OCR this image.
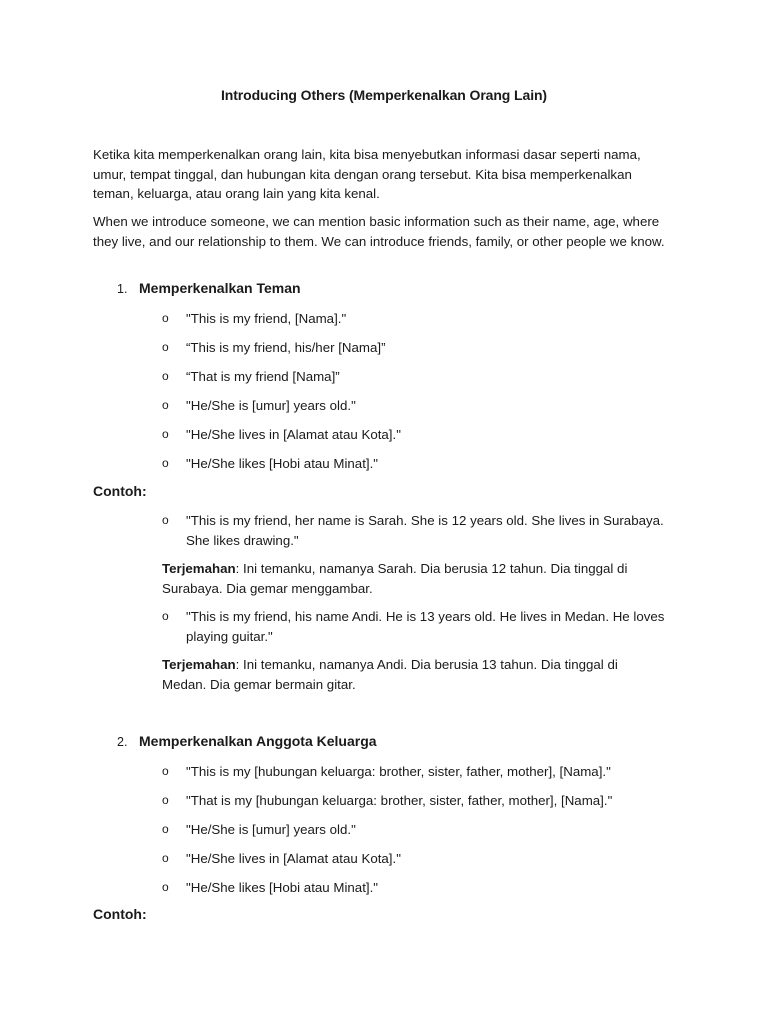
Introducing Others (Memperkenalkan Orang Lain)

Ketika kita memperkenalkan orang lain, kita bisa menyebutkan informasi dasar seperti nama, umur, tempat tinggal, dan hubungan kita dengan orang tersebut. Kita bisa memperkenalkan teman, keluarga, atau orang lain yang kita kenal.

When we introduce someone, we can mention basic information such as their name, age, where they live, and our relationship to them. We can introduce friends, family, or other people we know.

1. Memperkenalkan Teman

o "This is my friend, [Nama]."
o “This is my friend, his/her [Nama]”
o “That is my friend [Nama]”
o "He/She is [umur] years old."
o "He/She lives in [Alamat atau Kota]."
o "He/She likes [Hobi atau Minat]."

Contoh:

o "This is my friend, her name is Sarah. She is 12 years old. She lives in Surabaya. She likes drawing."

Terjemahan: Ini temanku, namanya Sarah. Dia berusia 12 tahun. Dia tinggal di Surabaya. Dia gemar menggambar.

o "This is my friend, his name Andi. He is 13 years old. He lives in Medan. He loves playing guitar."

Terjemahan: Ini temanku, namanya Andi. Dia berusia 13 tahun. Dia tinggal di Medan. Dia gemar bermain gitar.

2. Memperkenalkan Anggota Keluarga

o "This is my [hubungan keluarga: brother, sister, father, mother], [Nama]."
o "That is my [hubungan keluarga: brother, sister, father, mother], [Nama]."
o "He/She is [umur] years old."
o "He/She lives in [Alamat atau Kota]."
o "He/She likes [Hobi atau Minat]."

Contoh:
